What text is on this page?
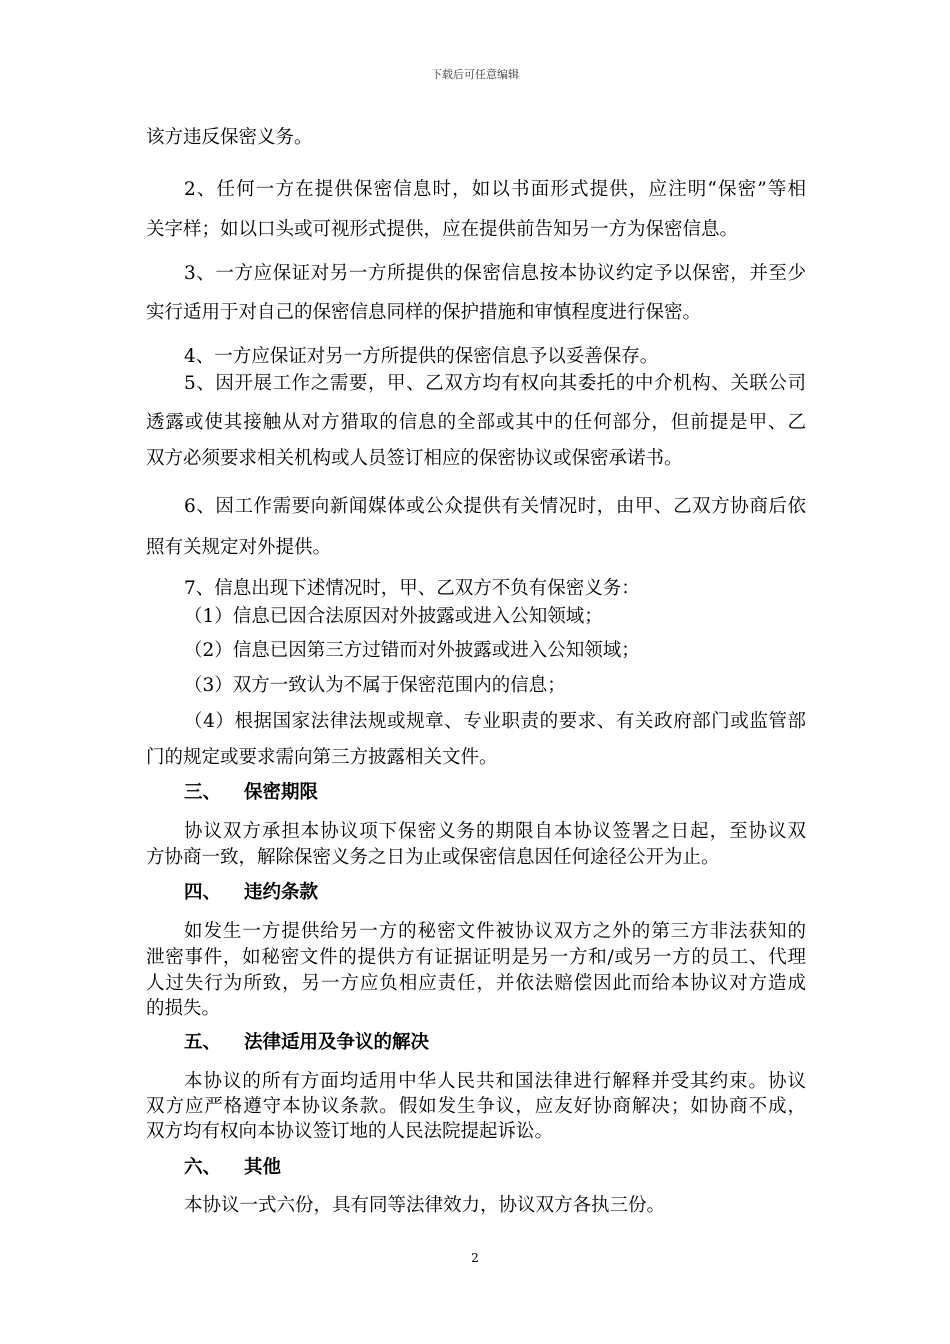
下载后可任意编辑
该方违反保密义务。
2、任何一方在提供保密信息时，如以书面形式提供，应注明“保密”等相
关字样；如以口头或可视形式提供，应在提供前告知另一方为保密信息。
3、一方应保证对另一方所提供的保密信息按本协议约定予以保密，并至少
实行适用于对自己的保密信息同样的保护措施和审慎程度进行保密。
4、一方应保证对另一方所提供的保密信息予以妥善保存。
5、因开展工作之需要，甲、乙双方均有权向其委托的中介机构、关联公司
透露或使其接触从对方猎取的信息的全部或其中的任何部分，但前提是甲、乙
双方必须要求相关机构或人员签订相应的保密协议或保密承诺书。
6、因工作需要向新闻媒体或公众提供有关情况时，由甲、乙双方协商后依
照有关规定对外提供。
7、信息出现下述情况时，甲、乙双方不负有保密义务：
（1）信息已因合法原因对外披露或进入公知领域；
（2）信息已因第三方过错而对外披露或进入公知领域；
（3）双方一致认为不属于保密范围内的信息；
（4）根据国家法律法规或规章、专业职责的要求、有关政府部门或监管部
门的规定或要求需向第三方披露相关文件。
三、 保密期限
协议双方承担本协议项下保密义务的期限自本协议签署之日起，至协议双
方协商一致，解除保密义务之日为止或保密信息因任何途径公开为止。
四、 违约条款
如发生一方提供给另一方的秘密文件被协议双方之外的第三方非法获知的
泄密事件，如秘密文件的提供方有证据证明是另一方和/或另一方的员工、代理
人过失行为所致，另一方应负相应责任，并依法赔偿因此而给本协议对方造成
的损失。
五、 法律适用及争议的解决
本协议的所有方面均适用中华人民共和国法律进行解释并受其约束。协议
双方应严格遵守本协议条款。假如发生争议，应友好协商解决；如协商不成，
双方均有权向本协议签订地的人民法院提起诉讼。
六、 其他
本协议一式六份，具有同等法律效力，协议双方各执三份。
2
